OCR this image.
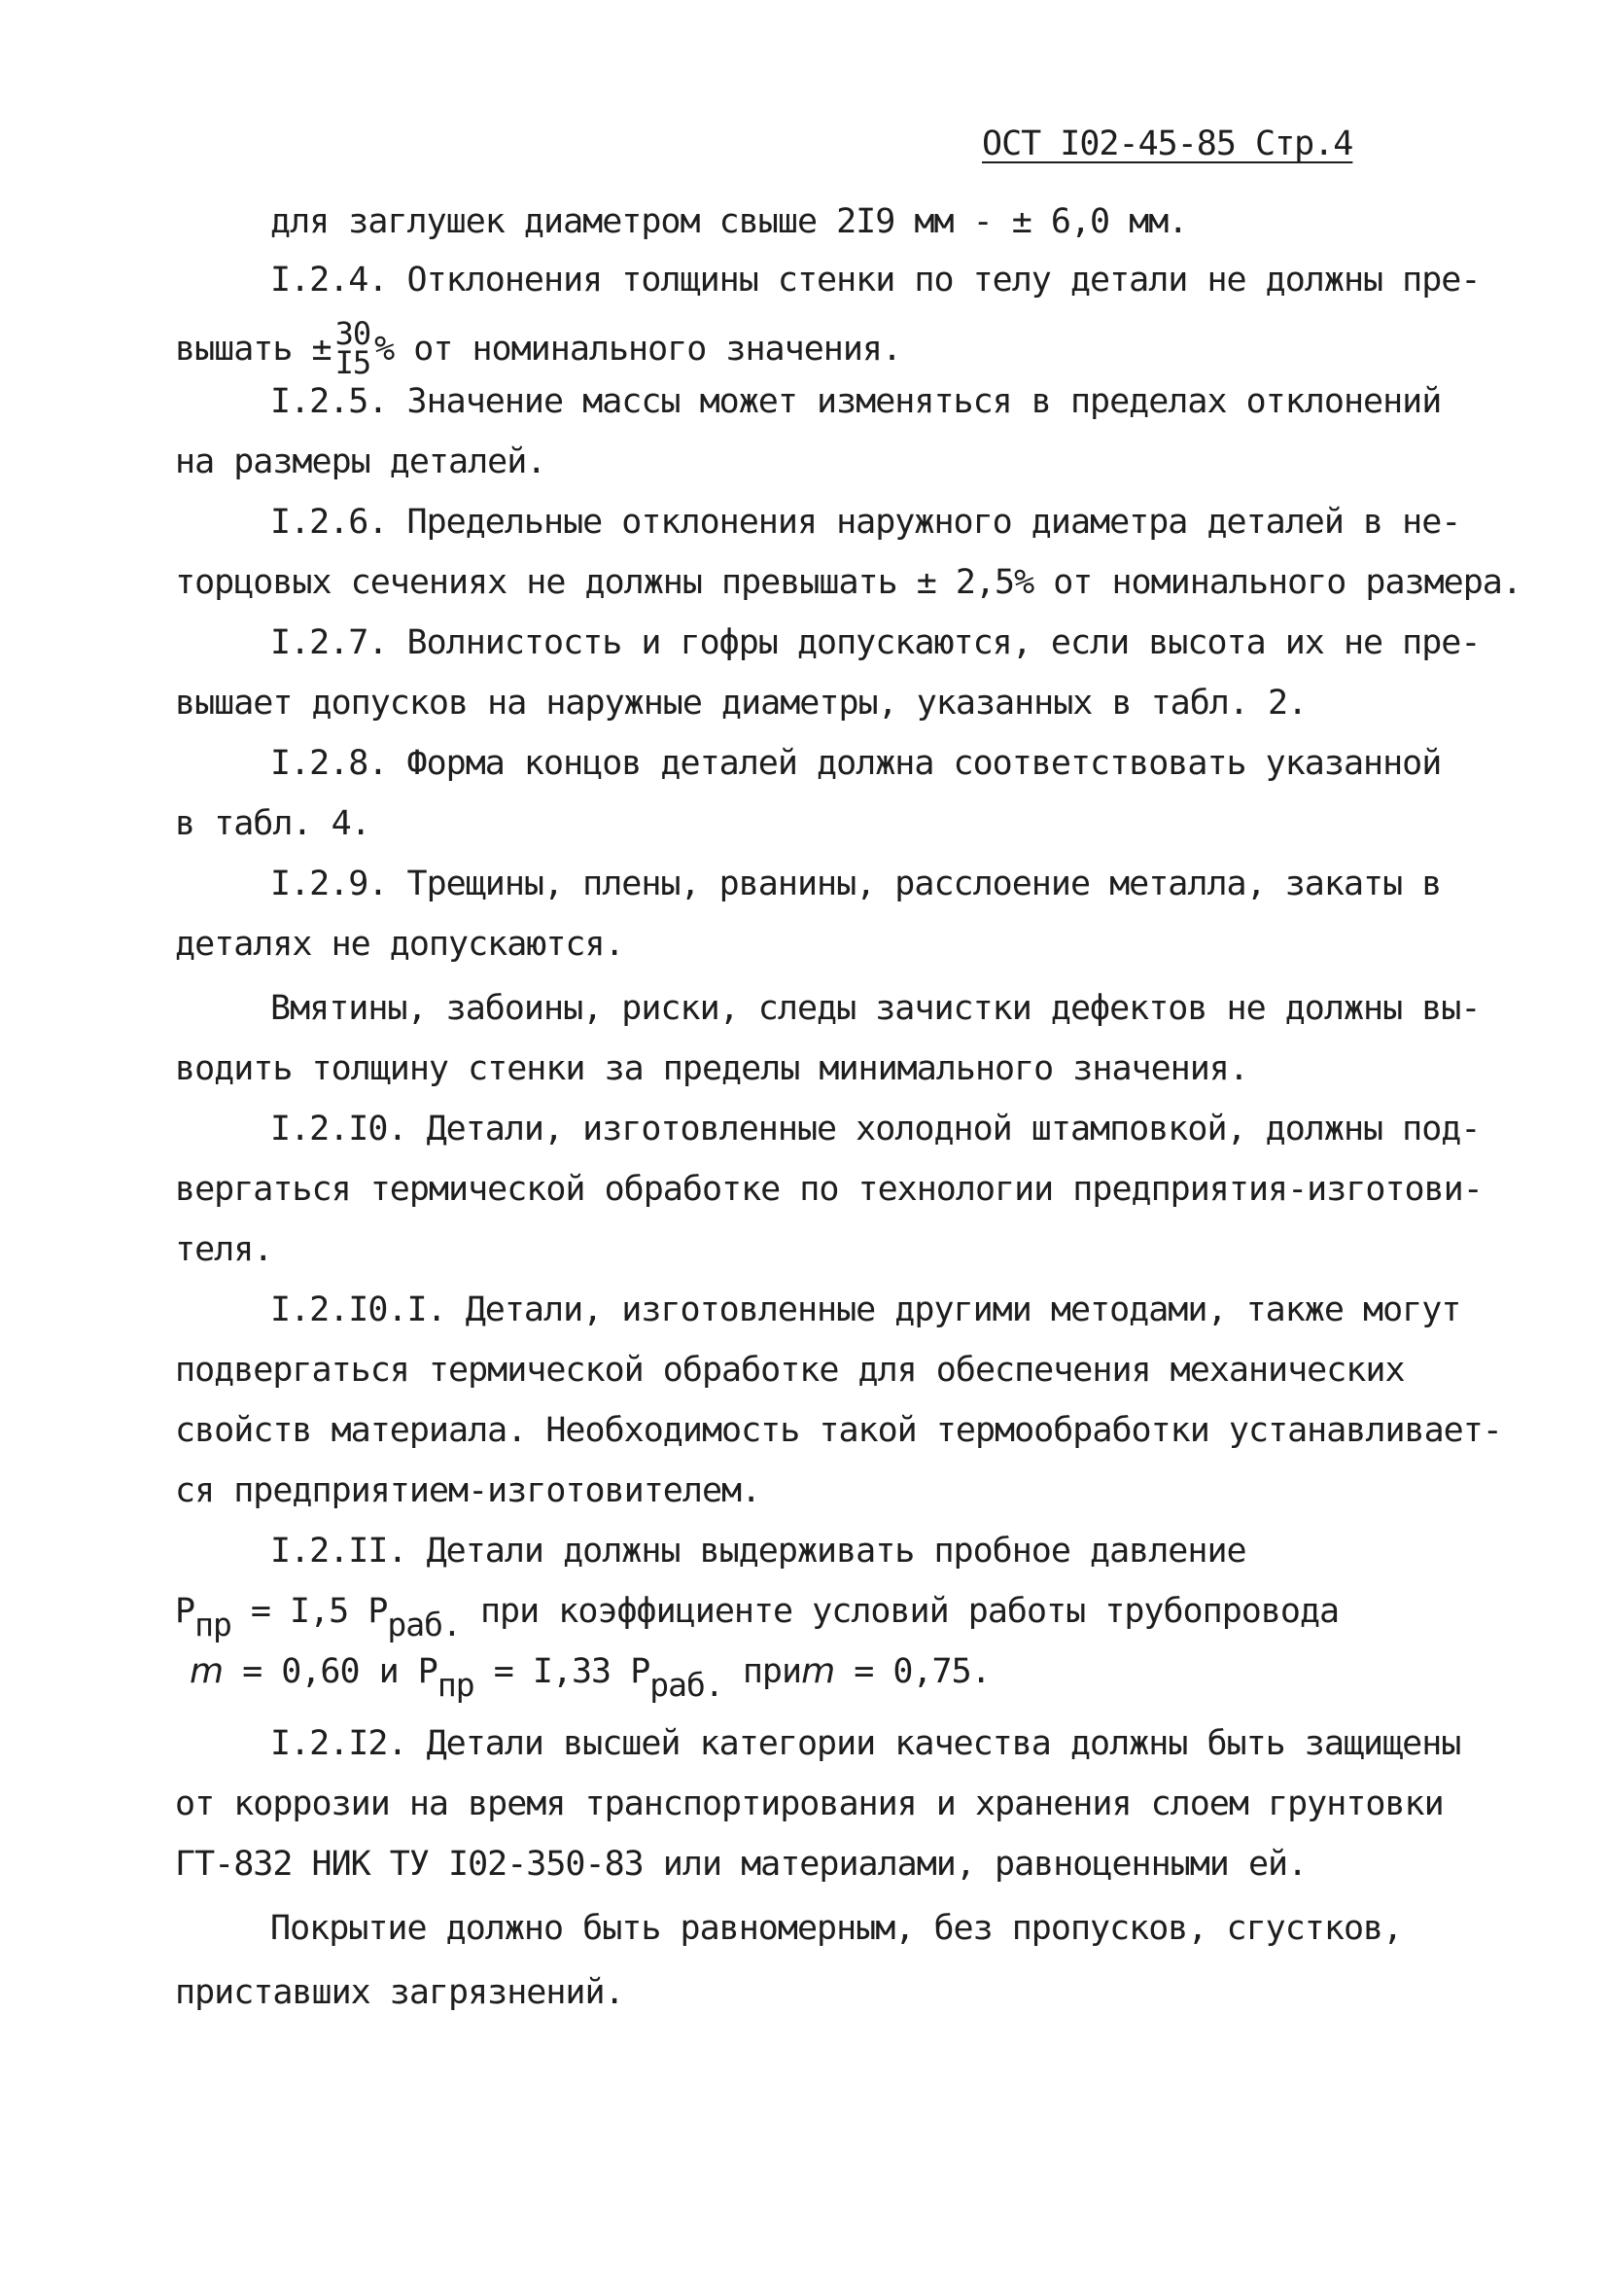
ОСТ I02-45-85 Стр.4
для заглушек диаметром свыше 2I9 мм - ± 6,0 мм.
I.2.4. Отклонения толщины стенки по телу детали не должны пре-
вышать ± 30
I5 % от номинального значения.
I.2.5. Значение массы может изменяться в пределах отклонений
на размеры деталей.
I.2.6. Предельные отклонения наружного диаметра деталей в не-
торцовых сечениях не должны превышать ± 2,5% от номинального размера.
I.2.7. Волнистость и гофры допускаются, если высота их не пре-
вышает допусков на наружные диаметры, указанных в табл. 2.
I.2.8. Форма концов деталей должна соответствовать указанной
в табл. 4.
I.2.9. Трещины, плены, рванины, расслоение металла, закаты в
деталях не допускаются.
Вмятины, забоины, риски, следы зачистки дефектов не должны вы-
водить толщину стенки за пределы минимального значения.
I.2.I0. Детали, изготовленные холодной штамповкой, должны под-
вергаться термической обработке по технологии предприятия-изготови-
теля.
I.2.I0.I. Детали, изготовленные другими методами, также могут
подвергаться термической обработке для обеспечения механических
свойств материала. Необходимость такой термообработки устанавливает-
ся предприятием-изготовителем.
I.2.II. Детали должны выдерживать пробное давление
Pпр = I,5 Pраб. при коэффициенте условий работы трубопровода
m = 0,60 и Pпр = I,33 Pраб. приm = 0,75.
I.2.I2. Детали высшей категории качества должны быть защищены
от коррозии на время транспортирования и хранения слоем грунтовки
ГТ-832 НИК ТУ I02-350-83 или материалами, равноценными ей.
Покрытие должно быть равномерным, без пропусков, сгустков,
приставших загрязнений.
